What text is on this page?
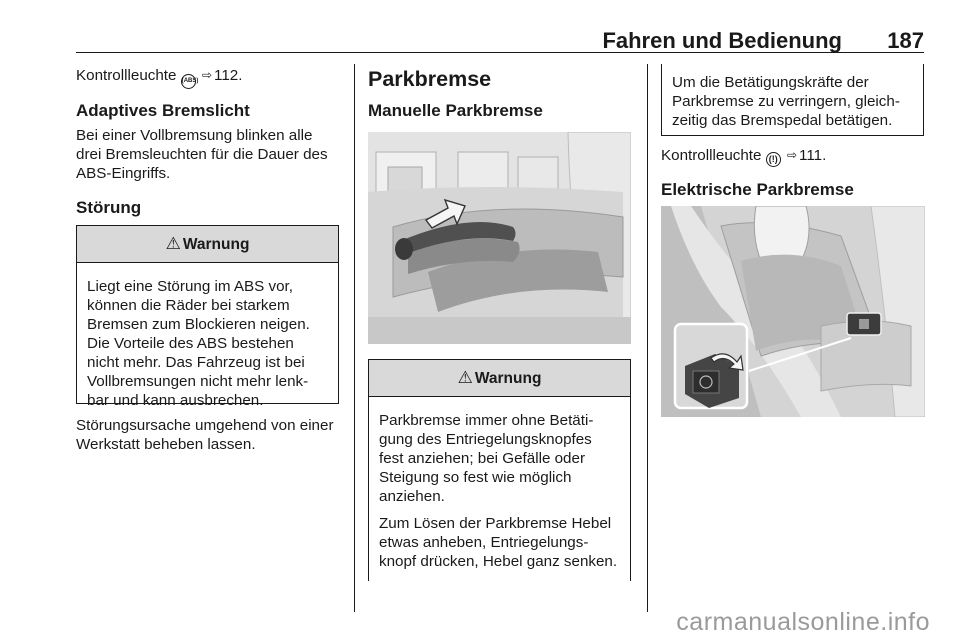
Fahren und Bedienung 187

Kontrollleuchte (ABS) ⇨ 112.

Adaptives Bremslicht

Bei einer Vollbremsung blinken alle drei Bremsleuchten für die Dauer des ABS-Eingriffs.

Störung

⚠ Warnung

Liegt eine Störung im ABS vor, können die Räder bei starkem Bremsen zum Blockieren neigen. Die Vorteile des ABS bestehen nicht mehr. Das Fahrzeug ist bei Vollbremsungen nicht mehr lenk-bar und kann ausbrechen.

Störungsursache umgehend von einer Werkstatt beheben lassen.

Parkbremse

Manuelle Parkbremse

⚠ Warnung

Parkbremse immer ohne Betäti-gung des Entriegelungsknopfes fest anziehen; bei Gefälle oder Steigung so fest wie möglich anziehen.

Zum Lösen der Parkbremse Hebel etwas anheben, Entriegelungs-knopf drücken, Hebel ganz senken.

Um die Betätigungskräfte der Parkbremse zu verringern, gleich-zeitig das Bremspedal betätigen.

Kontrollleuchte (!) ⇨ 111.

Elektrische Parkbremse

carmanualsonline.info
